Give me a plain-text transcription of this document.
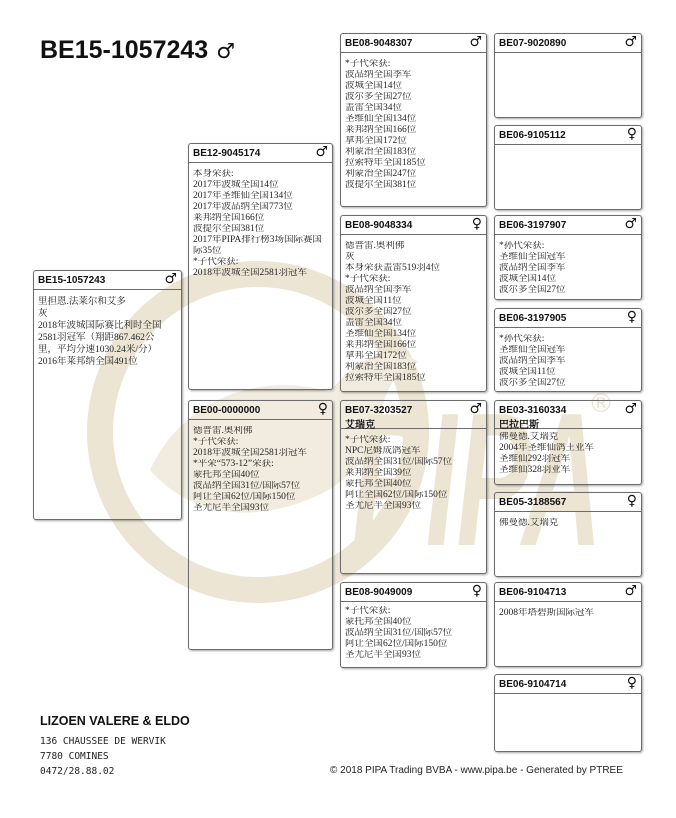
PIPA
®
BE15-1057243 ♂
BE15-1057243	♂
里担恩.法莱尔和艾多
灰
2018年波城国际赛比利时全国
2581羽冠军（翔距867.462公
里，平均分速1030.24米/分）
2016年莱邦纳全国491位
BE12-9045174	♂
本身荣获:
2017年波城全国14位
2017年圣维仙全国134位
2017年波品纳全国773位
莱邦纳全国166位
波提尔全国381位
2017年PIPA排行榜3场国际赛国
际35位
*子代荣获:
2018年波城全国2581羽冠军
BE00-0000000	♀
德普雷.奥利佛
*子代荣获:
2018年波城全国2581羽冠军
*平荣“573-12”荣获:
蒙托邦全国40位
波品纳全国31位/国际57位
阿让全国62位/国际150位
圣尤尼半全国93位
BE08-9048307	♂
*子代荣获:
波品纳全国季军
波城全国14位
波尔多全国27位
盖雷全国34位
圣维仙全国134位
莱邦纳全国166位
拿邦全国172位
利蒙治全国183位
拉索特年全国185位
利蒙治全国247位
波提尔全国381位
BE08-9048334	♀
德普雷.奥利佛
灰
本身荣获盖雷519羽4位
*子代荣获:
波品纳全国季军
波城全国11位
波尔多全国27位
盖雷全国34位
圣维仙全国134位
莱邦纳全国166位
拿邦全国172位
利蒙治全国183位
拉索特年全国185位
BE07-3203527
艾瑞克
♂
*子代荣获:
NPC尼姆成鸽冠军
波品纳全国31位/国际57位
莱邦纳全国39位
蒙托邦全国40位
阿让全国62位/国际150位
圣尤尼半全国93位
BE08-9049009	♀
*子代荣获:
蒙托邦全国40位
波品纳全国31位/国际57位
阿让全国62位/国际150位
圣尤尼半全国93位
BE07-9020890	♂
BE06-9105112	♀
BE06-3197907	♂
*孙代荣获:
圣维仙全国冠军
波品纳全国季军
波城全国14位
波尔多全国27位
BE06-3197905	♀
*孙代荣获:
圣维仙全国冠军
波品纳全国季军
波城全国11位
波尔多全国27位
BE03-3160334
巴拉巴斯
♂
佛曼德.艾瑞克
2004年圣维仙鸽王亚军
圣维仙292羽冠军
圣维仙328羽亚军
BE05-3188567	♀
佛曼德.艾瑞克
BE06-9104713	♂
2008年塔碧斯国际冠军
BE06-9104714	♀
LIZOEN VALERE & ELDO
136 CHAUSSEE DE WERVIK
7780 COMINES
0472/28.88.02	© 2018 PIPA Trading BVBA - www.pipa.be - Generated by PTREE
